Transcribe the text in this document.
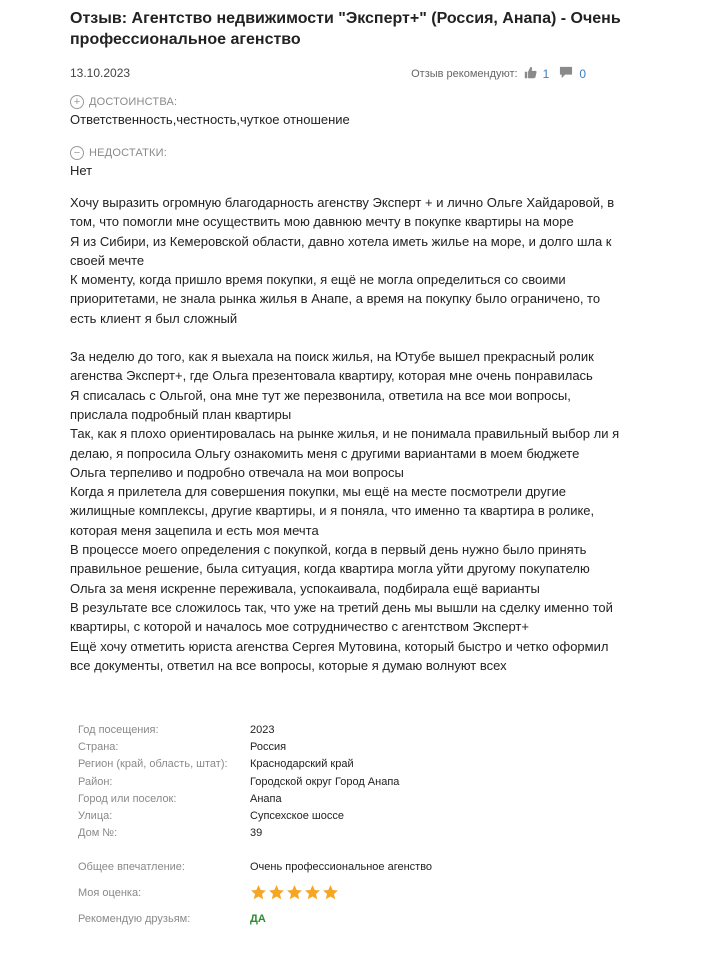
Отзыв: Агентство недвижимости "Эксперт+" (Россия, Анапа) - Очень профессиональное агенство
13.10.2023	Отзыв рекомендуют: 1	0
+ ДОСТОИНСТВА:
Ответственность,честность,чуткое отношение
− НЕДОСТАТКИ:
Нет

Хочу выразить огромную благодарность агенству Эксперт + и лично Ольге Хайдаровой, в том, что помогли мне осуществить мою давнюю мечту в покупке квартиры на море

Я из Сибири, из Кемеровской области, давно хотела иметь жилье на море, и долго шла к своей мечте

К моменту, когда пришло время покупки, я ещё не могла определиться со своими приоритетами, не знала рынка жилья в Анапе, а время на покупку было ограничено, то есть клиент я был сложный

За неделю до того, как я выехала на поиск жилья, на Ютубе вышел прекрасный ролик агенства Эксперт+, где Ольга презентовала квартиру, которая мне очень понравилась

Я списалась с Ольгой, она мне тут же перезвонила, ответила на все мои вопросы, прислала подробный план квартиры

Так, как я плохо ориентировалась на рынке жилья, и не понимала правильный выбор ли я делаю, я попросила Ольгу ознакомить меня с другими вариантами в моем бюджете

Ольга терпеливо и подробно отвечала на мои вопросы

Когда я прилетела для совершения покупки, мы ещё на месте посмотрели другие жилищные комплексы, другие квартиры, и я поняла, что именно та квартира в ролике, которая меня зацепила и есть моя мечта

В процессе моего определения с покупкой, когда в первый день нужно было принять правильное решение, была ситуация, когда квартира могла уйти другому покупателю

Ольга за меня искренне переживала, успокаивала, подбирала ещё варианты

В результате все сложилось так, что уже на третий день мы вышли на сделку именно той квартиры, с которой и началось мое сотрудничество с агентством Эксперт+

Ещё хочу отметить юриста агенства Сергея Мутовина, который быстро и четко оформил все документы, ответил на все вопросы, которые я думаю волнуют всех

Год посещения:	2023
Страна:	Россия
Регион (край, область, штат): Краснодарский край
Район:	Городской округ Город Анапа
Город или поселок:	Анапа
Улица:	Супсехское шоссе
Дом №:	39
Общее впечатление:	Очень профессиональное агенство
Моя оценка:
Рекомендую друзьям:	ДА
